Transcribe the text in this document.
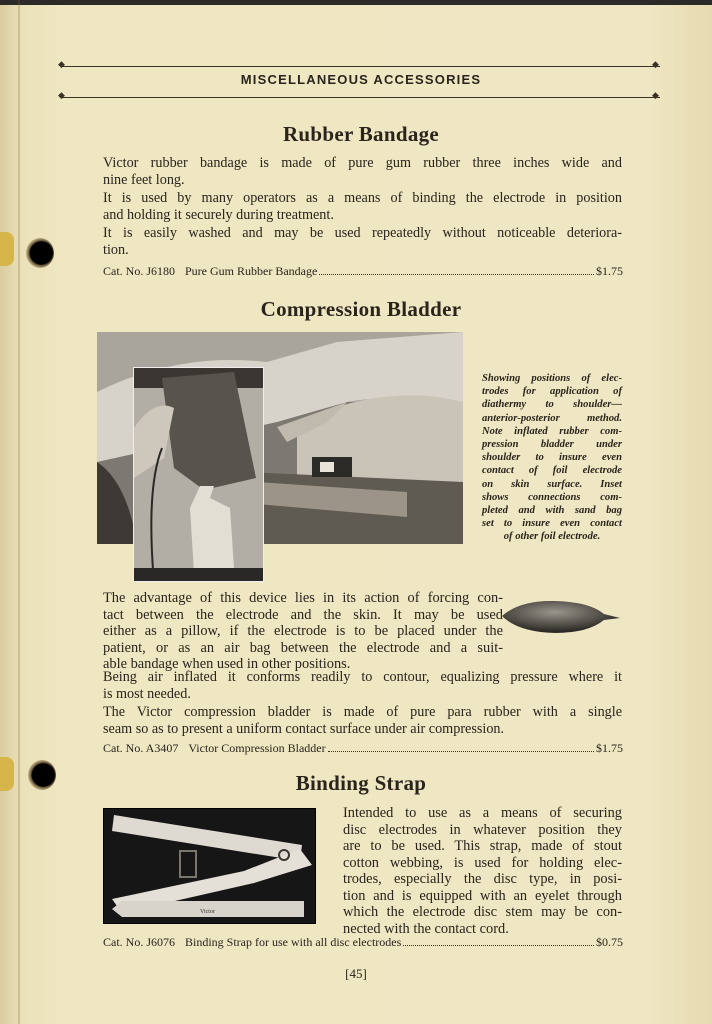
◆	◆
MISCELLANEOUS ACCESSORIES
◆	◆
Rubber Bandage
Victor rubber bandage is made of pure gum rubber three inches wide and
nine feet long.
It is used by many operators as a means of binding the electrode in position
and holding it securely during treatment.
It is easily washed and may be used repeatedly without noticeable deteriora-
tion.
Cat. No. J6180 Pure Gum Rubber Bandage	$1.75
Compression Bladder
Showing positions of elec-
trodes for application of
diathermy to shoulder—
anterior-posterior method.
Note inflated rubber com-
pression bladder under
shoulder to insure even
contact of foil electrode
on skin surface. Inset
shows connections com-
pleted and with sand bag
set to insure even contact
of other foil electrode.
The advantage of this device lies in its action of forcing con-
tact between the electrode and the skin. It may be used
either as a pillow, if the electrode is to be placed under the
patient, or as an air bag between the electrode and a suit-
able bandage when used in other positions.
Being air inflated it conforms readily to contour, equalizing pressure where it
is most needed.
The Victor compression bladder is made of pure para rubber with a single
seam so as to present a uniform contact surface under air compression.
Cat. No. A3407 Victor Compression Bladder	$1.75
Binding Strap
Victor
Intended to use as a means of securing
disc electrodes in whatever position they
are to be used. This strap, made of stout
cotton webbing, is used for holding elec-
trodes, especially the disc type, in posi-
tion and is equipped with an eyelet through
which the electrode disc stem may be con-
nected with the contact cord.
Cat. No. J6076 Binding Strap for use with all disc electrodes	$0.75
[45]
